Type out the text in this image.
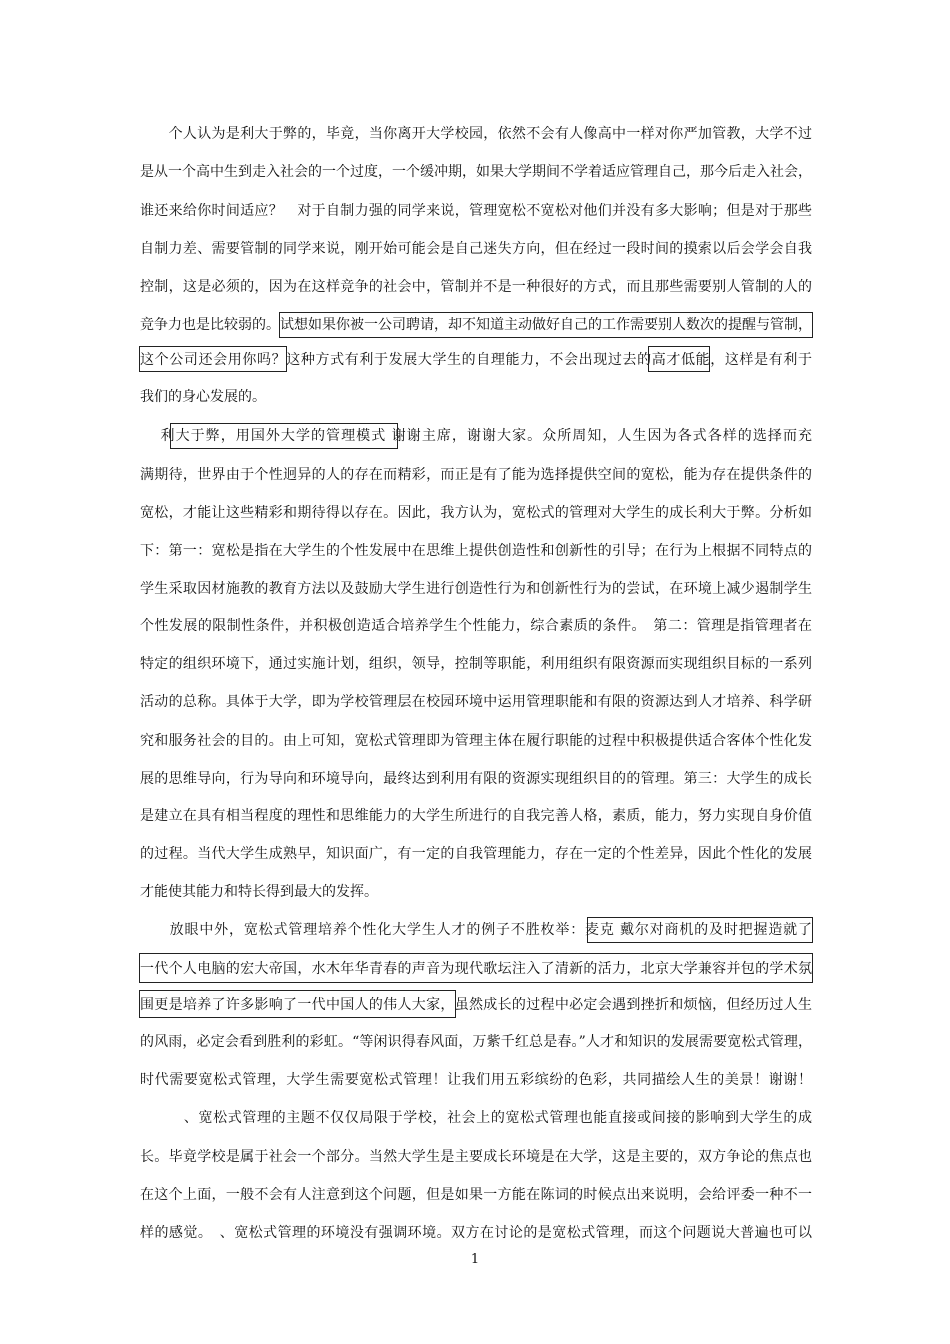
　　个人认为是利大于弊的，毕竟，当你离开大学校园，依然不会有人像高中一样对你严加管教，大学不过
是从一个高中生到走入社会的一个过度，一个缓冲期，如果大学期间不学着适应管理自己，那今后走入社会，
谁还来给你时间适应？　对于自制力强的同学来说，管理宽松不宽松对他们并没有多大影响；但是对于那些
自制力差、需要管制的同学来说，刚开始可能会是自己迷失方向，但在经过一段时间的摸索以后会学会自我
控制，这是必须的，因为在这样竞争的社会中，管制并不是一种很好的方式，而且那些需要别人管制的人的
竞争力也是比较弱的。试想如果你被一公司聘请，却不知道主动做好自己的工作需要别人数次的提醒与管制，
这个公司还会用你吗？这种方式有利于发展大学生的自理能力，不会出现过去的高才低能，这样是有利于
我们的身心发展的。
　 利大于弊，用国外大学的管理模式 谢谢主席，谢谢大家。众所周知，人生因为各式各样的选择而充
满期待，世界由于个性迥异的人的存在而精彩，而正是有了能为选择提供空间的宽松，能为存在提供条件的
宽松，才能让这些精彩和期待得以存在。因此，我方认为，宽松式的管理对大学生的成长利大于弊。分析如
下：第一：宽松是指在大学生的个性发展中在思维上提供创造性和创新性的引导；在行为上根据不同特点的
学生采取因材施教的教育方法以及鼓励大学生进行创造性行为和创新性行为的尝试，在环境上减少遏制学生
个性发展的限制性条件，并积极创造适合培养学生个性能力，综合素质的条件。　第二：管理是指管理者在
特定的组织环境下，通过实施计划，组织，领导，控制等职能，利用组织有限资源而实现组织目标的一系列
活动的总称。具体于大学，即为学校管理层在校园环境中运用管理职能和有限的资源达到人才培养、科学研
究和服务社会的目的。由上可知，宽松式管理即为管理主体在履行职能的过程中积极提供适合客体个性化发
展的思维导向，行为导向和环境导向，最终达到利用有限的资源实现组织目的的管理。第三：大学生的成长
是建立在具有相当程度的理性和思维能力的大学生所进行的自我完善人格，素质，能力，努力实现自身价值
的过程。当代大学生成熟早，知识面广，有一定的自我管理能力，存在一定的个性差异，因此个性化的发展
才能使其能力和特长得到最大的发挥。
　　放眼中外，宽松式管理培养个性化大学生人才的例子不胜枚举：麦克 戴尔对商机的及时把握造就了
一代个人电脑的宏大帝国，水木年华青春的声音为现代歌坛注入了清新的活力，北京大学兼容并包的学术氛
围更是培养了许多影响了一代中国人的伟人大家，虽然成长的过程中必定会遇到挫折和烦恼，但经历过人生
的风雨，必定会看到胜利的彩虹。“等闲识得春风面，万紫千红总是春。”人才和知识的发展需要宽松式管理，
时代需要宽松式管理，大学生需要宽松式管理！让我们用五彩缤纷的色彩，共同描绘人生的美景！谢谢！
　　　、宽松式管理的主题不仅仅局限于学校，社会上的宽松式管理也能直接或间接的影响到大学生的成
长。毕竟学校是属于社会一个部分。当然大学生是主要成长环境是在大学，这是主要的，双方争论的焦点也
在这个上面，一般不会有人注意到这个问题，但是如果一方能在陈词的时候点出来说明，会给评委一种不一
样的感觉。　、宽松式管理的环境没有强调环境。双方在讨论的是宽松式管理，而这个问题说大普遍也可以
1
